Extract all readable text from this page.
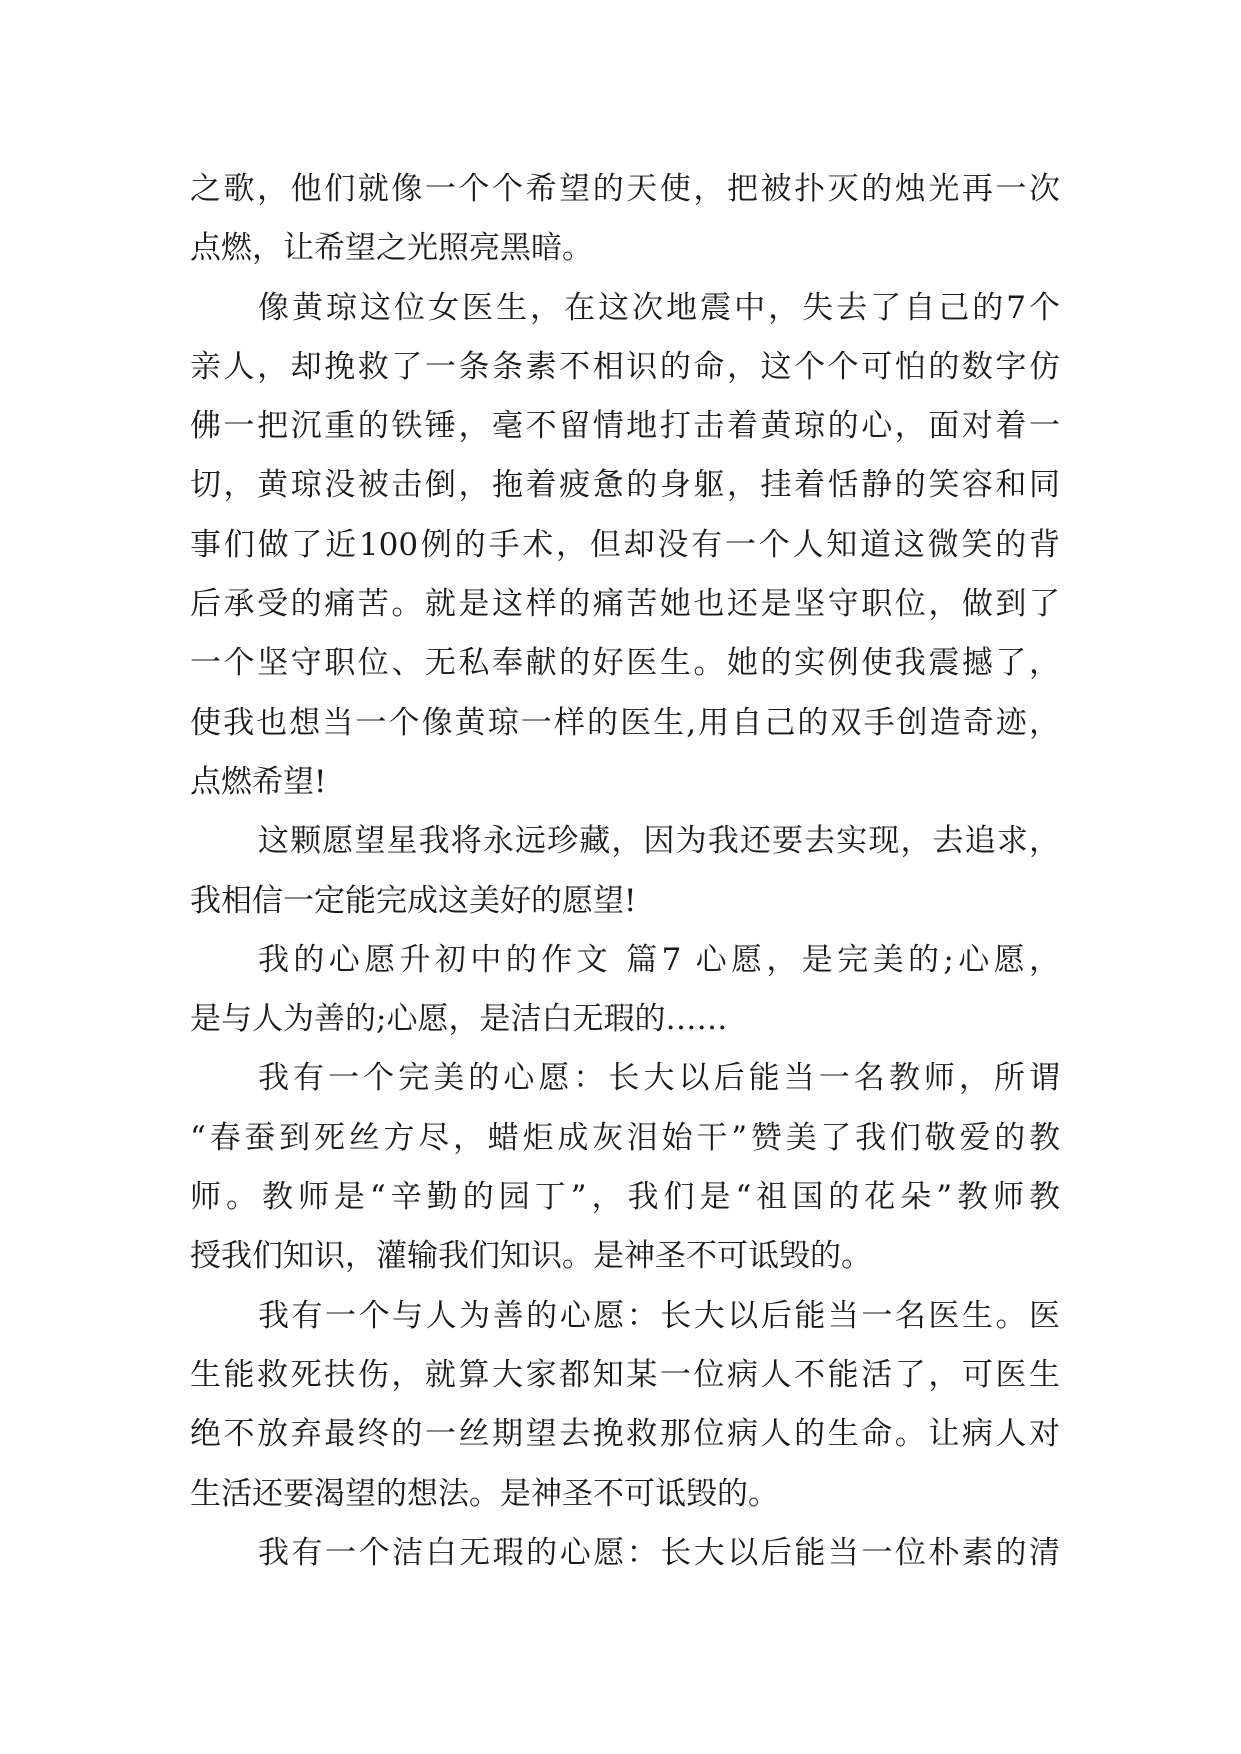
之歌，他们就像一个个希望的天使，把被扑灭的烛光再一次
点燃，让希望之光照亮黑暗。
像黄琼这位女医生，在这次地震中，失去了自己的7个
亲人，却挽救了一条条素不相识的命，这个个可怕的数字仿
佛一把沉重的铁锤，毫不留情地打击着黄琼的心，面对着一
切，黄琼没被击倒，拖着疲惫的身躯，挂着恬静的笑容和同
事们做了近100例的手术，但却没有一个人知道这微笑的背
后承受的痛苦。就是这样的痛苦她也还是坚守职位，做到了
一个坚守职位、无私奉献的好医生。她的实例使我震撼了，
使我也想当一个像黄琼一样的医生,用自己的双手创造奇迹，
点燃希望!
这颗愿望星我将永远珍藏，因为我还要去实现，去追求，
我相信一定能完成这美好的愿望!
我的心愿升初中的作文 篇7 心愿，是完美的;心愿，
是与人为善的;心愿，是洁白无瑕的……
我有一个完美的心愿：长大以后能当一名教师，所谓
“春蚕到死丝方尽，蜡炬成灰泪始干”赞美了我们敬爱的教
师。教师是“辛勤的园丁”，我们是“祖国的花朵”教师教
授我们知识，灌输我们知识。是神圣不可诋毁的。
我有一个与人为善的心愿：长大以后能当一名医生。医
生能救死扶伤，就算大家都知某一位病人不能活了，可医生
绝不放弃最终的一丝期望去挽救那位病人的生命。让病人对
生活还要渴望的想法。是神圣不可诋毁的。
我有一个洁白无瑕的心愿：长大以后能当一位朴素的清
